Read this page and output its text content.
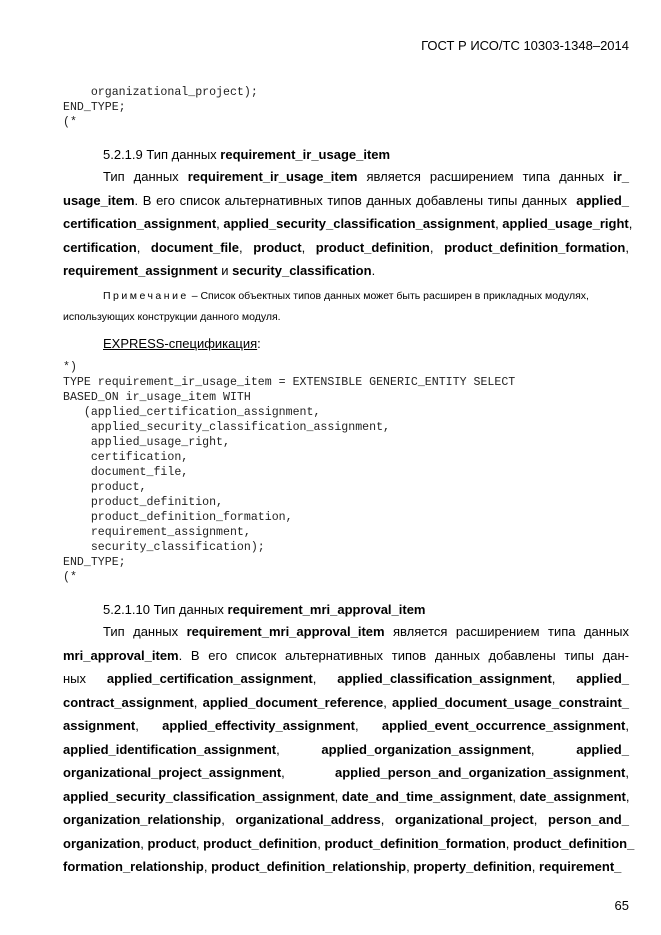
ГОСТ Р ИСО/ТС 10303-1348–2014
organizational_project);
END_TYPE;
(*
5.2.1.9 Тип данных requirement_ir_usage_item
Тип данных requirement_ir_usage_item является расширением типа данных ir_
usage_item. В его список альтернативных типов данных добавлены типы данных  applied_
certification_assignment, applied_security_classification_assignment, applied_usage_right,
certification, document_file, product, product_definition, product_definition_formation,
requirement_assignment и security_classification.
Примечание – Список объектных типов данных может быть расширен в прикладных модулях,
использующих конструкции данного модуля.
EXPRESS-спецификация:
*)
TYPE requirement_ir_usage_item = EXTENSIBLE GENERIC_ENTITY SELECT
BASED_ON ir_usage_item WITH
(applied_certification_assignment,
applied_security_classification_assignment,
applied_usage_right,
certification,
document_file,
product,
product_definition,
product_definition_formation,
requirement_assignment,
security_classification);
END_TYPE;
(*
5.2.1.10 Тип данных requirement_mri_approval_item
Тип данных requirement_mri_approval_item является расширением типа данных
mri_approval_item. В его список альтернативных типов данных добавлены типы дан-
ных  applied_certification_assignment,  applied_classification_assignment,  applied_
contract_assignment, applied_document_reference, applied_document_usage_constraint_
assignment,  applied_effectivity_assignment,  applied_event_occurrence_assignment,
applied_identification_assignment,  applied_organization_assignment,  applied_
organizational_project_assignment,  applied_person_and_organization_assignment,
applied_security_classification_assignment, date_and_time_assignment, date_assignment,
organization_relationship, organizational_address, organizational_project, person_and_
organization, product, product_definition, product_definition_formation, product_definition_
formation_relationship, product_definition_relationship, property_definition, requirement_
65
